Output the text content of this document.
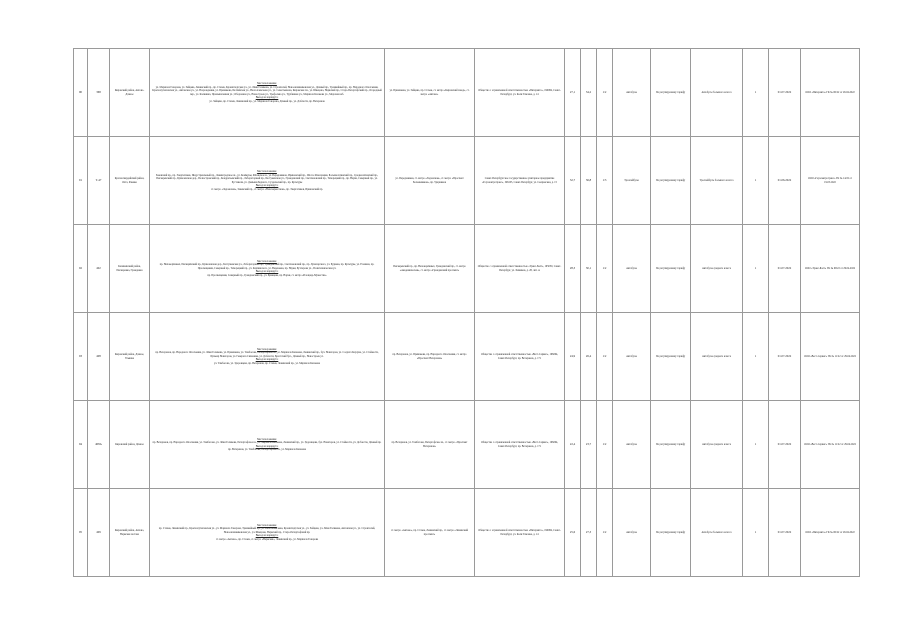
90	368	Кировский район, Автово-Дачное	Местоположение:
ул. Маршала Говорова, ул. Зайцева, Ленинский пр., пр. Стачек, Кронштадтская ул., ул. Лёни Голикова, ул. Строителей, Новоовсянниковская ул., Дачный пр., Трамвайный пр., пр. Народного Ополчения, Краснопутиловская ул., Автовская ул., ул. Возрождения, ул. Примакова, Балтийская ул., Васи Алексеева ул., ул. Севастьянова, Кировская пл., ул. Швецова, Нарвский пр., Старо-Петергофский пр., Огородный пер., ул. Калинина, Промышленная ул.; Оборонная ул., Новостроек ул., Трефолева ул., Турбинная ул., Маршала Казакова ул., Морская наб.
Выход из маршрута:
ул. Зайцева, пр. Стачек, Ленинский пр., ул. Маршала Говорова, Дачный пр., ул. Доблести, пр. Ветеранов	ул. Примакова, ул. Зайцева, пр. Стачек, ст. метро «Кировский завод», ст. метро «Автово»	Общество с ограниченной ответственностью «Питеравто», 196084, Санкт-Петербург, ул. Коли Томчака, д. 14	27,1	34,2	1/2	Автобусы	По регулируемому тарифу	Автобусы большого класса	1	01.07.2022	ООО «Питеравто» ГК № 06/22 от 26.04.2022
91	Т-47	Красногвардейский район, Охта, Ржевка	Местоположение:
Заневский пр., пр. Энергетиков, Индустриальный пр., Ленинградское ш., ул. Коммуны, Рябовское ш., ул. Передовиков, Ириновский пр., Шоссе Революции, Большеохтинский пр., Среднеохтинский пр., Пискаревский пр., Кушелевская дор., Полюстровский пр., Кондратьевский пр., Лабораторный пр., Бестужевская ул., Гражданский пр., Светлановский пр., Тихорецкий пр., пр. Науки, Северный пр., ул. Руставели, ул. Демьяна Бедного, Суздальский пр., пр. Культуры
Выход из маршрута:
ст. метро «Ладожская», Заневский пр., ст. метро «Новочеркасская», пр. Энергетиков, Ириновский пр.	ул. Передовиков, ст. метро «Ладожская», ст. метро «Проспект Большевиков», пр. Ударников	Санкт-Петербургское государственное унитарное предприятие «Горэлектротранс», 196105, Санкт-Петербург, ул. Сызранская, д. 15	32,7	36,8	1/3	Троллейбусы	По регулируемому тарифу	Троллейбусы большого класса	1	01.06.2022	ООО «Горэлектротранс» ГК № 14/22 от 19.05.2022
92	402	Калининский район, Пискаревка, Гражданка	Местоположение:
пр. Непокорённых, Пискарёвский пр., Кушелевская дор., Бестужевская ул., Лабораторный пр., Гражданский пр., Светлановский пр., пр. Луначарского, ул. Руднева, пр. Культуры, ул. Есенина, пр. Просвещения, Северный пр., Тихорецкий пр., ул. Карпинского, ул. Веденеева, пр. Науки, Бутлерова ул., Политехническая ул.
Выход из маршрута:
пр. Просвещения, Северный пр., Гражданский пр., ул. Брянцева, пр. Науки, ст. метро «Площадь Мужества»	Пискаревский пр., пр. Непокорённых, Гражданский пр., ст. метро «Академическая», ст. метро «Гражданский проспект»	Общество с ограниченной ответственностью «Транс-Балт», 195030, Санкт-Петербург, ул. Химиков, д. 28, лит. А	28,3	30,1	1/2	Автобусы	По регулируемому тарифу	Автобусы среднего класса	1	01.07.2022	ООО «Транс-Балт» ГК № 09/22 от 29.04.2022
93	408	Кировский район, Дачное, Ульянка	Местоположение:
пр. Ветеранов, пр. Народного Ополчения, ул. Лёни Голикова, ул. Примакова, ул. Тамбасова, Петергофское ш., ул. Маршала Казакова, Ленинский пр., бул. Новаторов, ул. Солдата Корзуна, ул. Стойкости, Бульвар Новаторов, ул. Генерала Симоняка, ул. Доблести, Брестский бул., Дачный пр., Новостроек ул.
Выход из маршрута:
ул. Тамбасова, ул. Здоровцева, пр. Ветеранов, пр. Стачек, Ленинский пр., ул. Маршала Казакова	пр. Ветеранов, ул. Примакова, пр. Народного Ополчения, ст. метро «Проспект Ветеранов»	Общество с ограниченной ответственностью «Вест-Сервис», 198264, Санкт-Петербург, пр. Ветеранов, д. 171	24,9	26,4	1/2	Автобусы	По регулируемому тарифу	Автобусы среднего класса	1	01.07.2022	ООО «Вест-Сервис» ГК № 11/22 от 29.04.2022
94	408А	Кировский район, Дачное	Местоположение:
пр. Ветеранов, пр. Народного Ополчения, ул. Тамбасова, ул. Лёни Голикова, Петергофское ш., ул. Маршала Казакова, Ленинский пр., ул. Здоровцева, бул. Новаторов, ул. Стойкости, ул. Доблести, Дачный пр.
Выход из маршрута:
пр. Ветеранов, ул. Тамбасова, Петергофское ш., ул. Маршала Казакова	пр. Ветеранов, ул. Тамбасова, Петергофское ш., ст. метро «Проспект Ветеранов»	Общество с ограниченной ответственностью «Вест-Сервис», 198264, Санкт-Петербург, пр. Ветеранов, д. 171	22,4	23,7	1/2	Автобусы	По регулируемому тарифу	Автобусы среднего класса	1	01.07.2022	ООО «Вест-Сервис» ГК № 11/22 от 29.04.2022
95	409	Кировский район, Автово, Нарвская застава	Местоположение:
пр. Стачек, Ленинский пр., Краснопутиловская ул., ул. Маршала Говорова, Трамвайный пр., ул. Васи Алексеева, Кронштадтская ул., ул. Зайцева, ул. Лёни Голикова, Автовская ул., ул. Строителей, Новоовсянниковская ул., ул. Швецова, Нарвский пр., Старо-Петергофский пр.
Выход из маршрута:
ст. метро «Автово», пр. Стачек, ст. метро «Нарвская», Ленинский пр., ул. Маршала Говорова	ст. метро «Автово», пр. Стачек, Ленинский пр., ст. метро «Ленинский проспект»	Общество с ограниченной ответственностью «Питеравто», 196084, Санкт-Петербург, ул. Коли Томчака, д. 14	25,6	27,3	1/2	Автобусы	По регулируемому тарифу	Автобусы большого класса	1	01.07.2022	ООО «Питеравто» ГК № 06/22 от 26.04.2022
